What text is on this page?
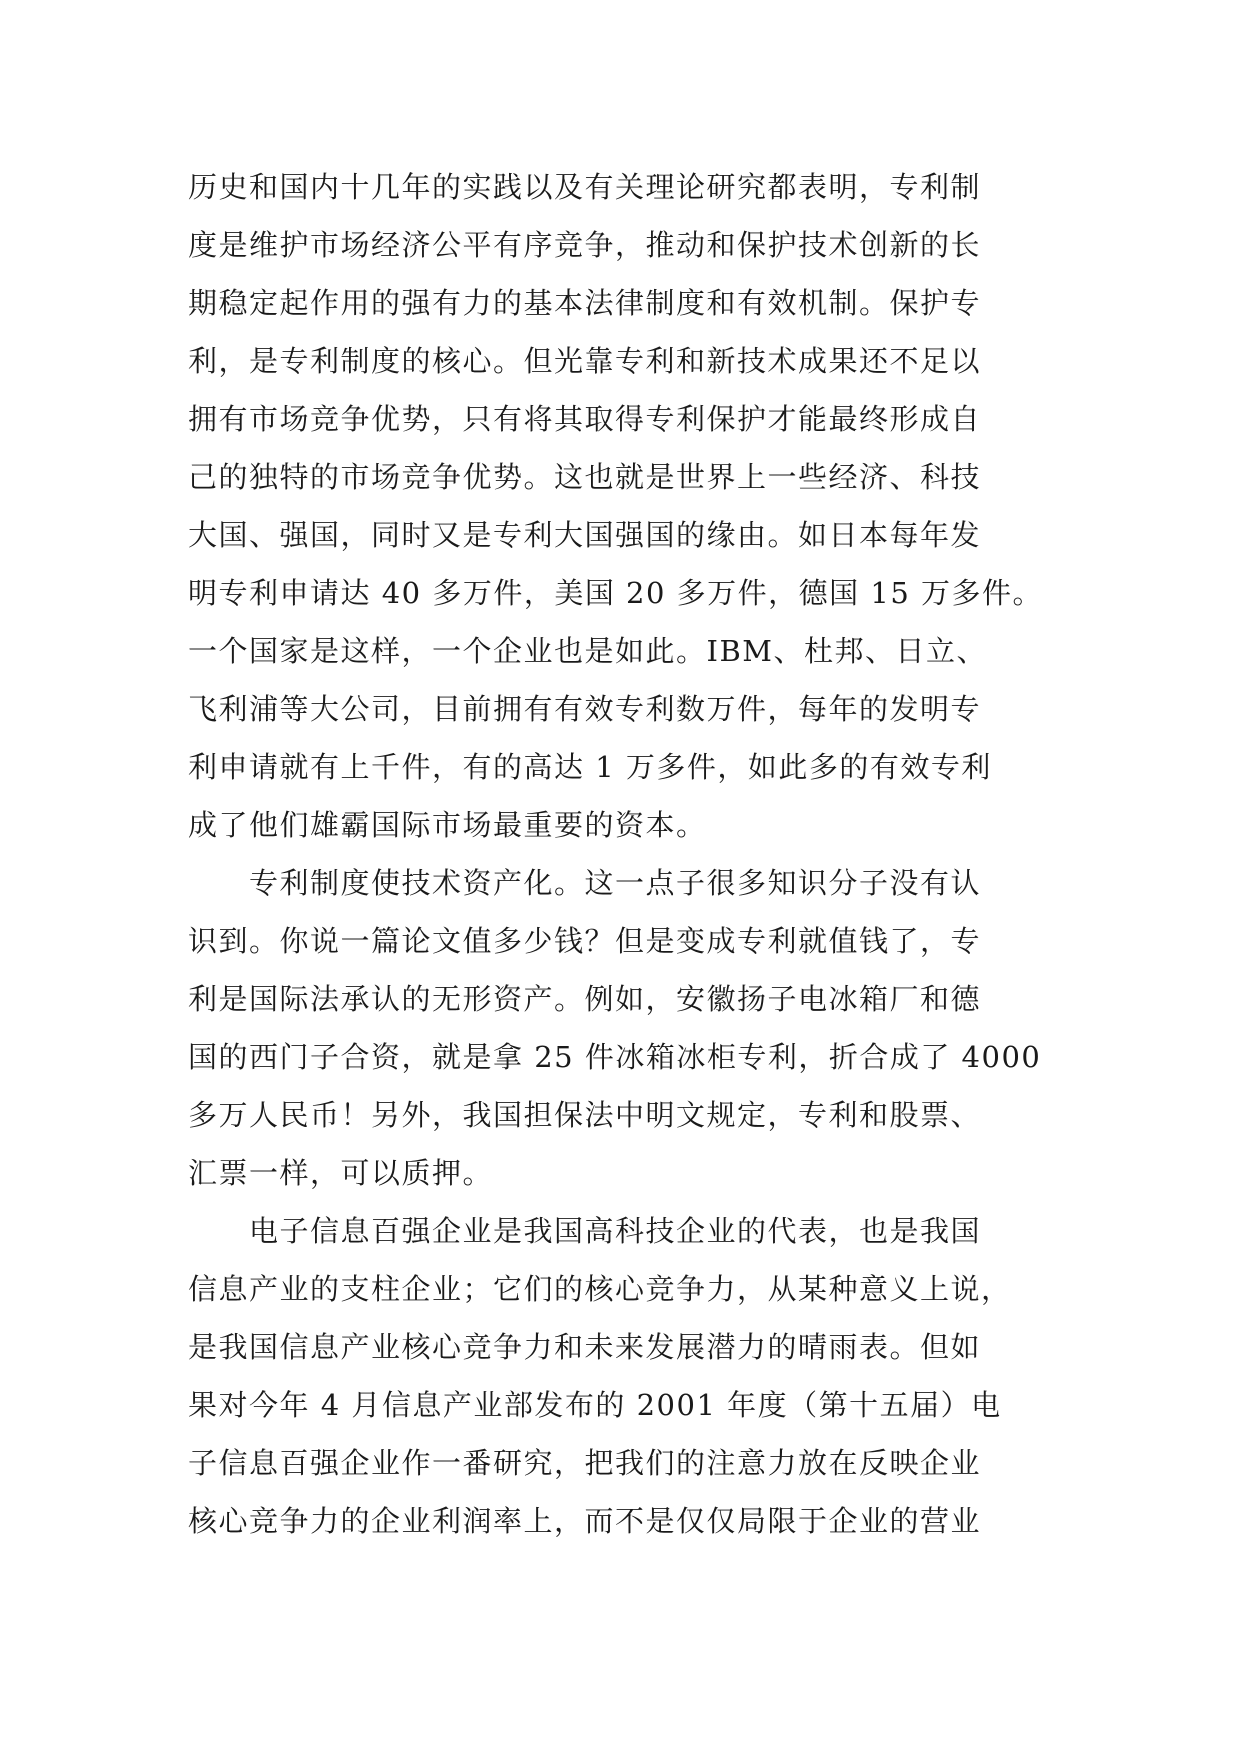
历史和国内十几年的实践以及有关理论研究都表明，专利制
度是维护市场经济公平有序竞争，推动和保护技术创新的长
期稳定起作用的强有力的基本法律制度和有效机制。保护专
利，是专利制度的核心。但光靠专利和新技术成果还不足以
拥有市场竞争优势，只有将其取得专利保护才能最终形成自
己的独特的市场竞争优势。这也就是世界上一些经济、科技
大国、强国，同时又是专利大国强国的缘由。如日本每年发
明专利申请达 40 多万件，美国 20 多万件，德国 15 万多件。
一个国家是这样，一个企业也是如此。IBM、杜邦、日立、
飞利浦等大公司，目前拥有有效专利数万件，每年的发明专
利申请就有上千件，有的高达 1 万多件，如此多的有效专利
成了他们雄霸国际市场最重要的资本。
　　专利制度使技术资产化。这一点子很多知识分子没有认
识到。你说一篇论文值多少钱？但是变成专利就值钱了，专
利是国际法承认的无形资产。例如，安徽扬子电冰箱厂和德
国的西门子合资，就是拿 25 件冰箱冰柜专利，折合成了 4000
多万人民币！另外，我国担保法中明文规定，专利和股票、
汇票一样，可以质押。
　　电子信息百强企业是我国高科技企业的代表，也是我国
信息产业的支柱企业；它们的核心竞争力，从某种意义上说，
是我国信息产业核心竞争力和未来发展潜力的晴雨表。但如
果对今年 4 月信息产业部发布的 2001 年度（第十五届）电
子信息百强企业作一番研究，把我们的注意力放在反映企业
核心竞争力的企业利润率上，而不是仅仅局限于企业的营业
